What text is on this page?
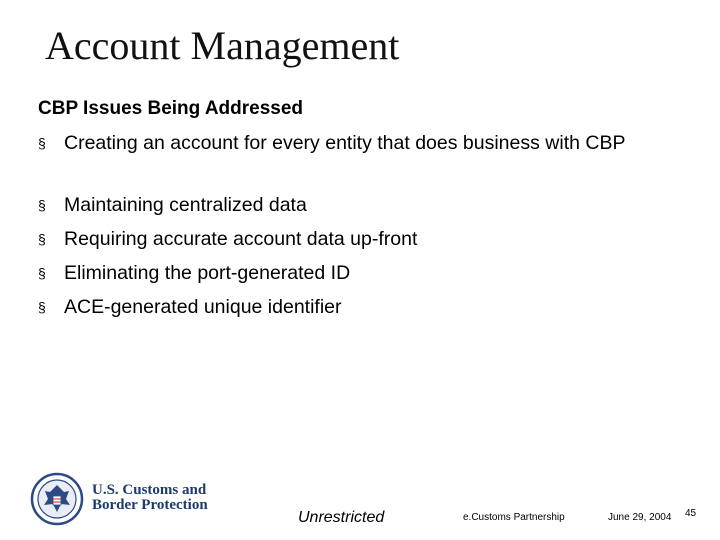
Account Management
CBP Issues Being Addressed
§ Creating an account for every entity that does business with CBP
§ Maintaining centralized data
§ Requiring accurate account data up-front
§ Eliminating the port-generated ID
§ ACE-generated unique identifier
U.S. Customs and
Border Protection
Unrestricted	e.Customs Partnership	June 29, 2004 45
